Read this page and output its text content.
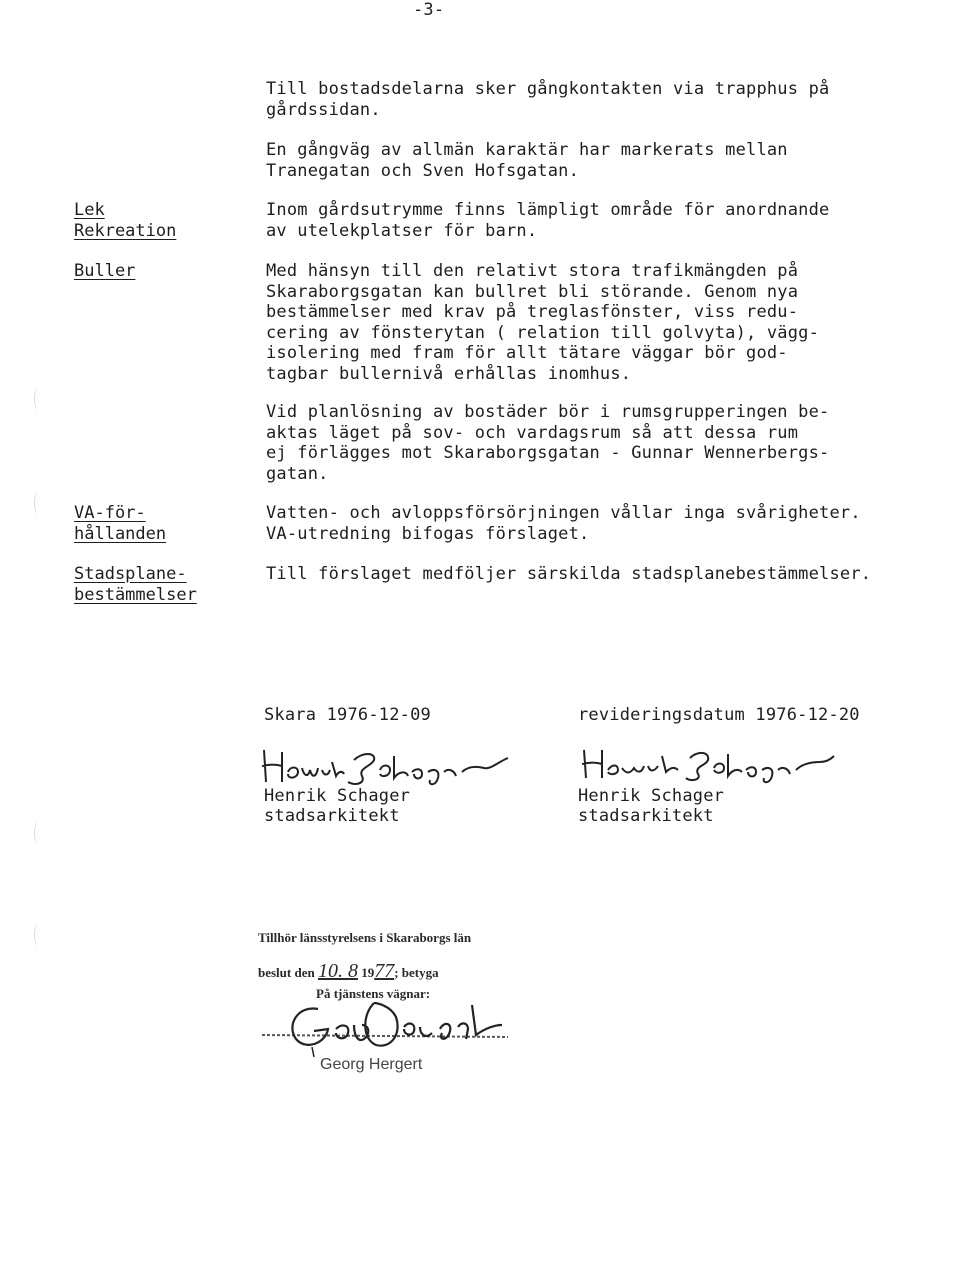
-3-
Lek
Rekreation
Buller
VA-för-
hållanden
Stadsplane-
bestämmelser
Till bostadsdelarna sker gångkontakten via trapphus på
gårdssidan.
En gångväg av allmän karaktär har markerats mellan
Tranegatan och Sven Hofsgatan.
Inom gårdsutrymme finns lämpligt område för anordnande
av utelekplatser för barn.
Med hänsyn till den relativt stora trafikmängden på
Skaraborgsgatan kan bullret bli störande. Genom nya
bestämmelser med krav på treglasfönster, viss redu-
cering av fönsterytan ( relation till golvyta), vägg-
isolering med fram för allt tätare väggar bör god-
tagbar bullernivå erhållas inomhus.
Vid planlösning av bostäder bör i rumsgrupperingen be-
aktas läget på sov- och vardagsrum så att dessa rum
ej förlägges mot Skaraborgsgatan - Gunnar Wennerbergs-
gatan.
Vatten- och avloppsförsörjningen vållar inga svårigheter.
VA-utredning bifogas förslaget.
Till förslaget medföljer särskilda stadsplanebestämmelser.
Skara 1976-12-09
Henrik Schager
stadsarkitekt
revideringsdatum 1976-12-20
Henrik Schager
stadsarkitekt
Tillhör länsstyrelsens i Skaraborgs län
beslut den 10. 8 1977; betyga
På tjänstens vägnar:
Georg Hergert
